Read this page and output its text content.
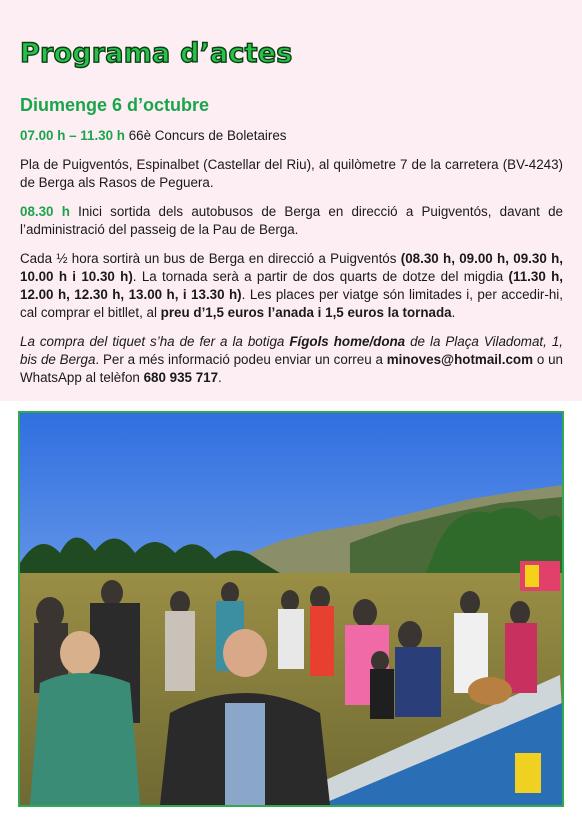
Programa d’actes
Diumenge 6 d’octubre

07.00 h – 11.30 h 66è Concurs de Boletaires

Pla de Puigventós, Espinalbet (Castellar del Riu), al quilòmetre 7 de la carretera (BV-4243) de Berga als Rasos de Peguera.

08.30 h Inici sortida dels autobusos de Berga en direcció a Puigventós, davant de l’administració del passeig de la Pau de Berga.

Cada ½ hora sortirà un bus de Berga en direcció a Puigventós (08.30 h, 09.00 h, 09.30 h, 10.00 h i 10.30 h). La tornada serà a partir de dos quarts de dotze del migdia (11.30 h, 12.00 h, 12.30 h, 13.00 h, i 13.30 h). Les places per viatge són limitades i, per accedir-hi, cal comprar el bitllet, al preu d’1,5 euros l’anada i 1,5 euros la tornada.

La compra del tiquet s’ha de fer a la botiga Fígols home/dona de la Plaça Viladomat, 1, bis de Berga. Per a més informació podeu enviar un correu a minoves@hotmail.com o un WhatsApp al telèfon 680 935 717.
